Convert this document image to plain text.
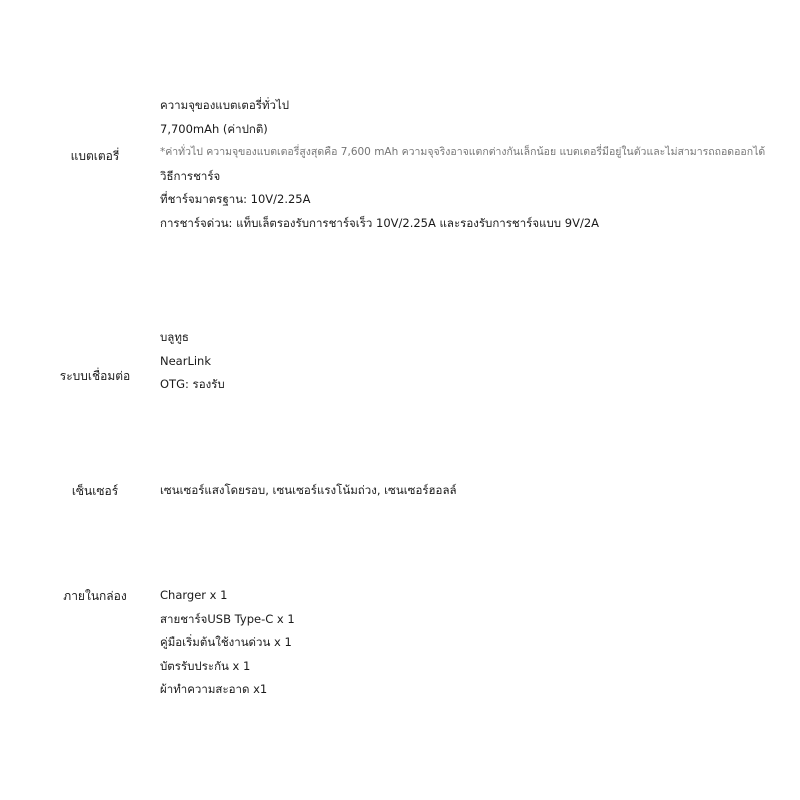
แบตเตอรี่
ความจุของแบตเตอรี่ทั่วไป
7,700mAh (ค่าปกติ)
*ค่าทั่วไป ความจุของแบตเตอรี่สูงสุดคือ 7,600 mAh ความจุจริงอาจแตกต่างกันเล็กน้อย แบตเตอรี่มีอยู่ในตัวและไม่สามารถถอดออกได้
วิธีการชาร์จ
ที่ชาร์จมาตรฐาน: 10V/2.25A
การชาร์จด่วน: แท็บเล็ตรองรับการชาร์จเร็ว 10V/2.25A และรองรับการชาร์จแบบ 9V/2A
ระบบเชื่อมต่อ
บลูทูธ
NearLink
OTG: รองรับ
เซ็นเซอร์	เซนเซอร์แสงโดยรอบ, เซนเซอร์แรงโน้มถ่วง, เซนเซอร์ฮอลล์
ภายในกล่อง	Charger x 1
สายชาร์จUSB Type-C x 1
คู่มือเริ่มต้นใช้งานด่วน x 1
บัตรรับประกัน x 1
ผ้าทำความสะอาด x1
